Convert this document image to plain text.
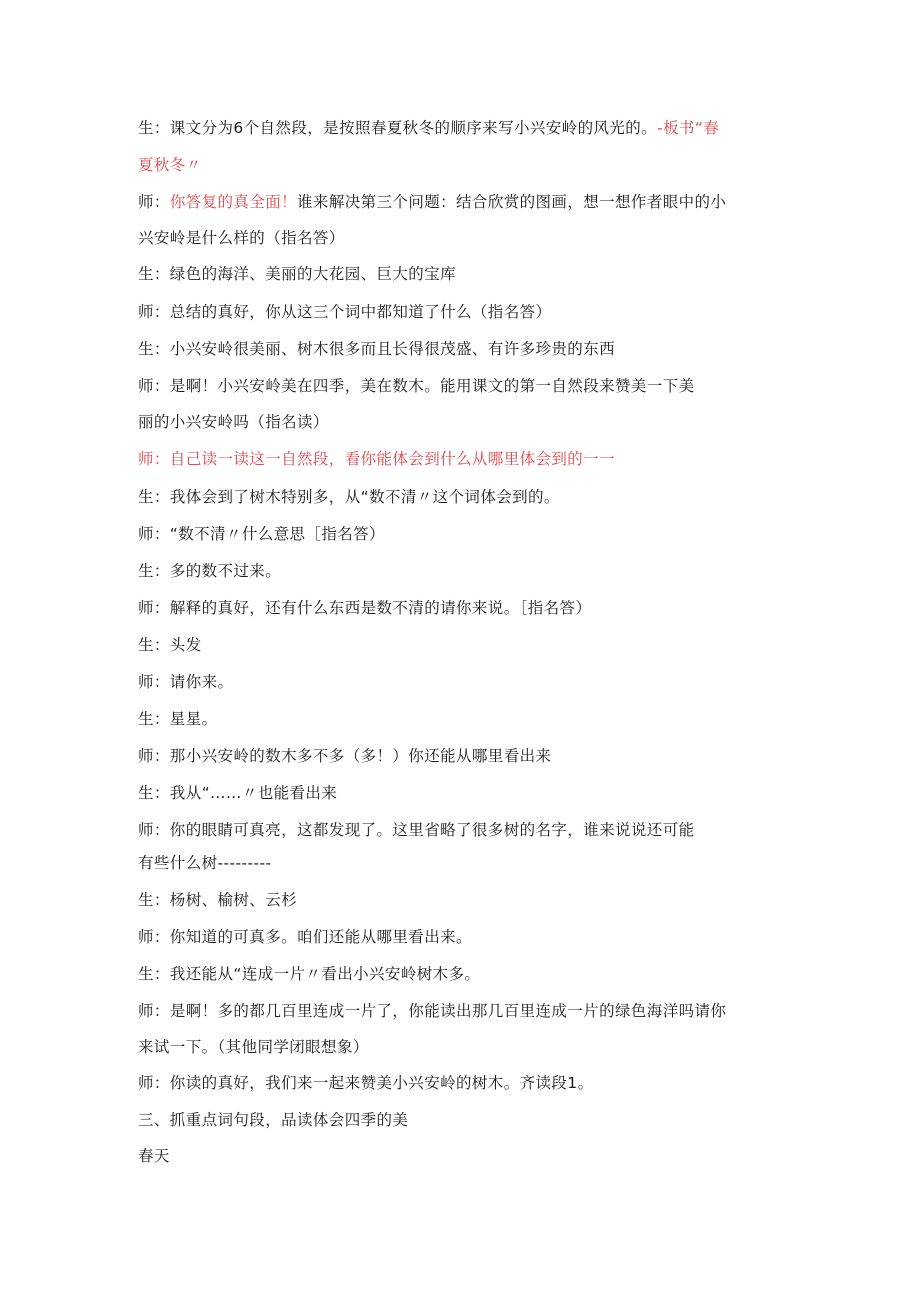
生：课文分为6个自然段，是按照春夏秋冬的顺序来写小兴安岭的风光的。-板书“春
夏秋冬〃
师：你答复的真全面！谁来解决第三个问题：结合欣赏的图画，想一想作者眼中的小
兴安岭是什么样的（指名答）
生：绿色的海洋、美丽的大花园、巨大的宝库
师：总结的真好，你从这三个词中都知道了什么（指名答）
生：小兴安岭很美丽、树木很多而且长得很茂盛、有许多珍贵的东西
师：是啊！小兴安岭美在四季，美在数木。能用课文的第一自然段来赞美一下美
丽的小兴安岭吗（指名读）
师：自己读一读这一自然段，看你能体会到什么从哪里体会到的一一
生：我体会到了树木特别多，从“数不清〃这个词体会到的。
师：“数不清〃什么意思［指名答）
生：多的数不过来。
师：解释的真好，还有什么东西是数不清的请你来说。［指名答）
生：头发
师：请你来。
生：星星。
师：那小兴安岭的数木多不多（多！）你还能从哪里看出来
生：我从“……〃也能看出来
师：你的眼睛可真亮，这都发现了。这里省略了很多树的名字，谁来说说还可能
有些什么树---------
生：杨树、榆树、云杉
师：你知道的可真多。咱们还能从哪里看出来。
生：我还能从“连成一片〃看出小兴安岭树木多。
师：是啊！多的都几百里连成一片了，你能读出那几百里连成一片的绿色海洋吗请你
来试一下。（其他同学闭眼想象）
师：你读的真好，我们来一起来赞美小兴安岭的树木。齐读段1。
三、抓重点词句段，品读体会四季的美
春天
